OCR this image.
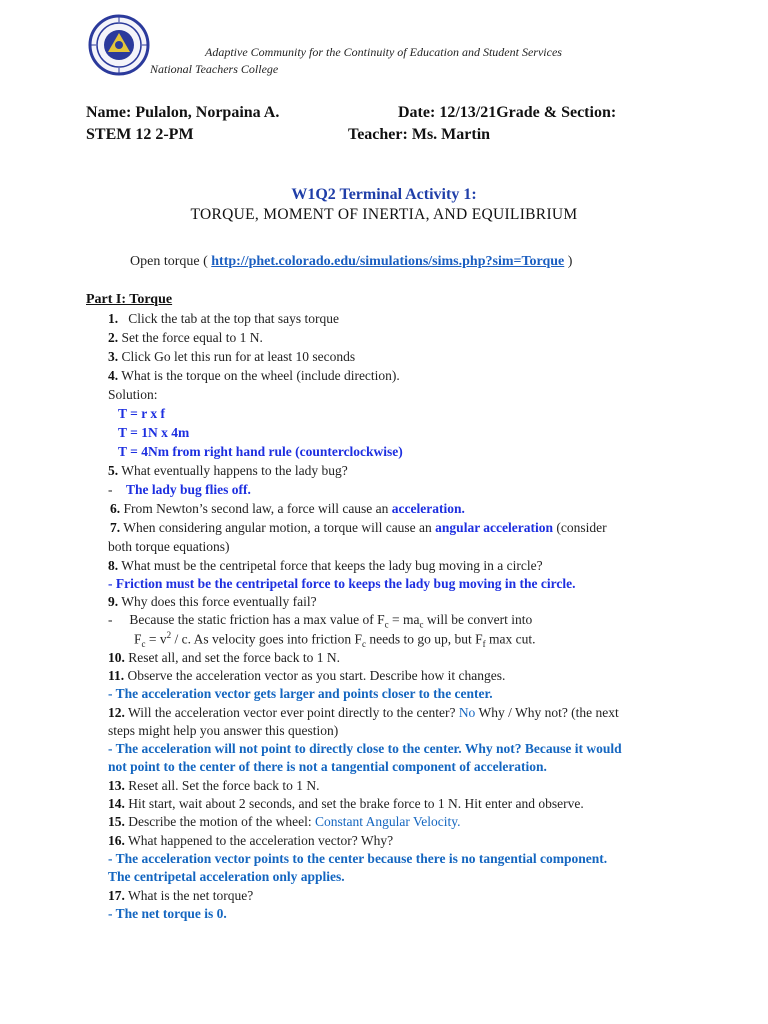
Adaptive Community for the Continuity of Education and Student Services
National Teachers College
Name: Pulalon, Norpaina A.	Date: 12/13/21Grade & Section:
STEM 12 2-PM	Teacher: Ms. Martin
W1Q2 Terminal Activity 1:
TORQUE, MOMENT OF INERTIA, AND EQUILIBRIUM
Open torque ( http://phet.colorado.edu/simulations/sims.php?sim=Torque )
Part I: Torque
1. Click the tab at the top that says torque
2. Set the force equal to 1 N.
3. Click Go let this run for at least 10 seconds
4. What is the torque on the wheel (include direction).
Solution:
T = r x f
T = 1N x 4m
T = 4Nm from right hand rule (counterclockwise)
5. What eventually happens to the lady bug?
- The lady bug flies off.
6. From Newton’s second law, a force will cause an acceleration.
7. When considering angular motion, a torque will cause an angular acceleration (consider
both torque equations)
8. What must be the centripetal force that keeps the lady bug moving in a circle?
- Friction must be the centripetal force to keeps the lady bug moving in the circle.
9. Why does this force eventually fail?
- Because the static friction has a max value of $F_c = ma_c$ will be convert into
$F_c = v^2 / c$. As velocity goes into friction $F_c$ needs to go up, but $F_f$ max cut.
10. Reset all, and set the force back to 1 N.
11. Observe the acceleration vector as you start. Describe how it changes.
- The acceleration vector gets larger and points closer to the center.
12. Will the acceleration vector ever point directly to the center? No Why / Why not? (the next
steps might help you answer this question)
- The acceleration will not point to directly close to the center. Why not? Because it would
not point to the center of there is not a tangential component of acceleration.
13. Reset all. Set the force back to 1 N.
14. Hit start, wait about 2 seconds, and set the brake force to 1 N. Hit enter and observe.
15. Describe the motion of the wheel: Constant Angular Velocity.
16. What happened to the acceleration vector? Why?
- The acceleration vector points to the center because there is no tangential component.
The centripetal acceleration only applies.
17. What is the net torque?
- The net torque is 0.
